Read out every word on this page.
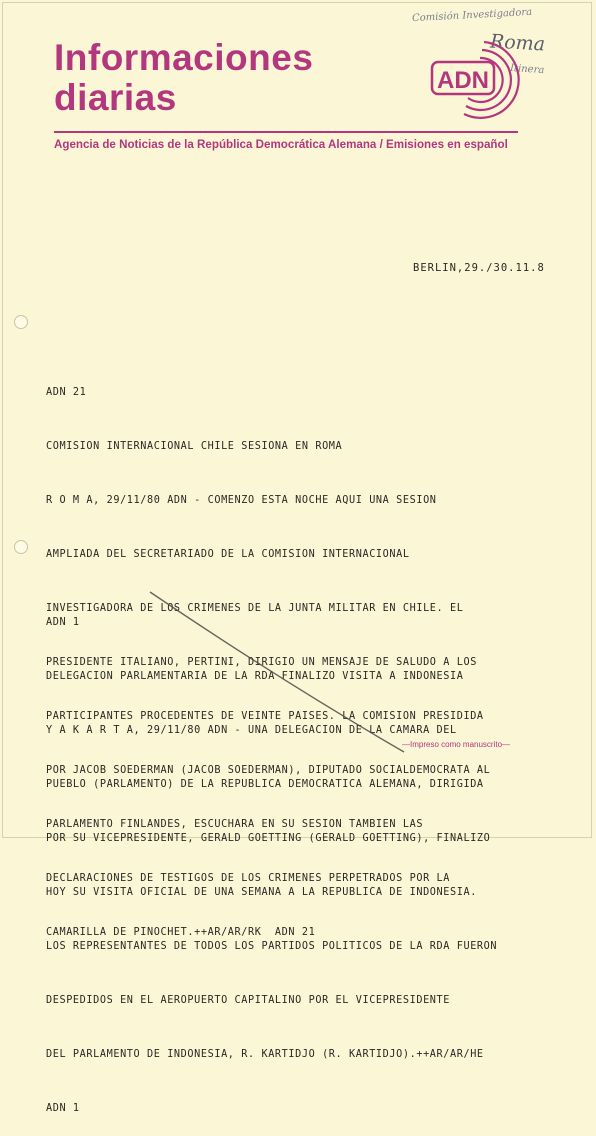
Comisión Investigadora
Roma
Itinera
Informaciones
diarias	ADN
Agencia de Noticias de la República Democrática Alemana / Emisiones en español
BERLIN,29./30.11.8

ADN 21

COMISION INTERNACIONAL CHILE SESIONA EN ROMA

R O M A, 29/11/80 ADN - COMENZO ESTA NOCHE AQUI UNA SESION

AMPLIADA DEL SECRETARIADO DE LA COMISION INTERNACIONAL

INVESTIGADORA DE LOS CRIMENES DE LA JUNTA MILITAR EN CHILE. EL

PRESIDENTE ITALIANO, PERTINI, DIRIGIO UN MENSAJE DE SALUDO A LOS

PARTICIPANTES PROCEDENTES DE VEINTE PAISES. LA COMISION PRESIDIDA

POR JACOB SOEDERMAN (JACOB SOEDERMAN), DIPUTADO SOCIALDEMOCRATA AL

PARLAMENTO FINLANDES, ESCUCHARA EN SU SESION TAMBIEN LAS

DECLARACIONES DE TESTIGOS DE LOS CRIMENES PERPETRADOS POR LA

CAMARILLA DE PINOCHET.++AR/AR/RK  ADN 21

ADN 1

DELEGACION PARLAMENTARIA DE LA RDA FINALIZO VISITA A INDONESIA

Y A K A R T A, 29/11/80 ADN - UNA DELEGACION DE LA CAMARA DEL

PUEBLO (PARLAMENTO) DE LA REPUBLICA DEMOCRATICA ALEMANA, DIRIGIDA

POR SU VICEPRESIDENTE, GERALD GOETTING (GERALD GOETTING), FINALIZO

HOY SU VISITA OFICIAL DE UNA SEMANA A LA REPUBLICA DE INDONESIA.

LOS REPRESENTANTES DE TODOS LOS PARTIDOS POLITICOS DE LA RDA FUERON

DESPEDIDOS EN EL AEROPUERTO CAPITALINO POR EL VICEPRESIDENTE

DEL PARLAMENTO DE INDONESIA, R. KARTIDJO (R. KARTIDJO).++AR/AR/HE

ADN 1

—Impreso como manuscrito—
